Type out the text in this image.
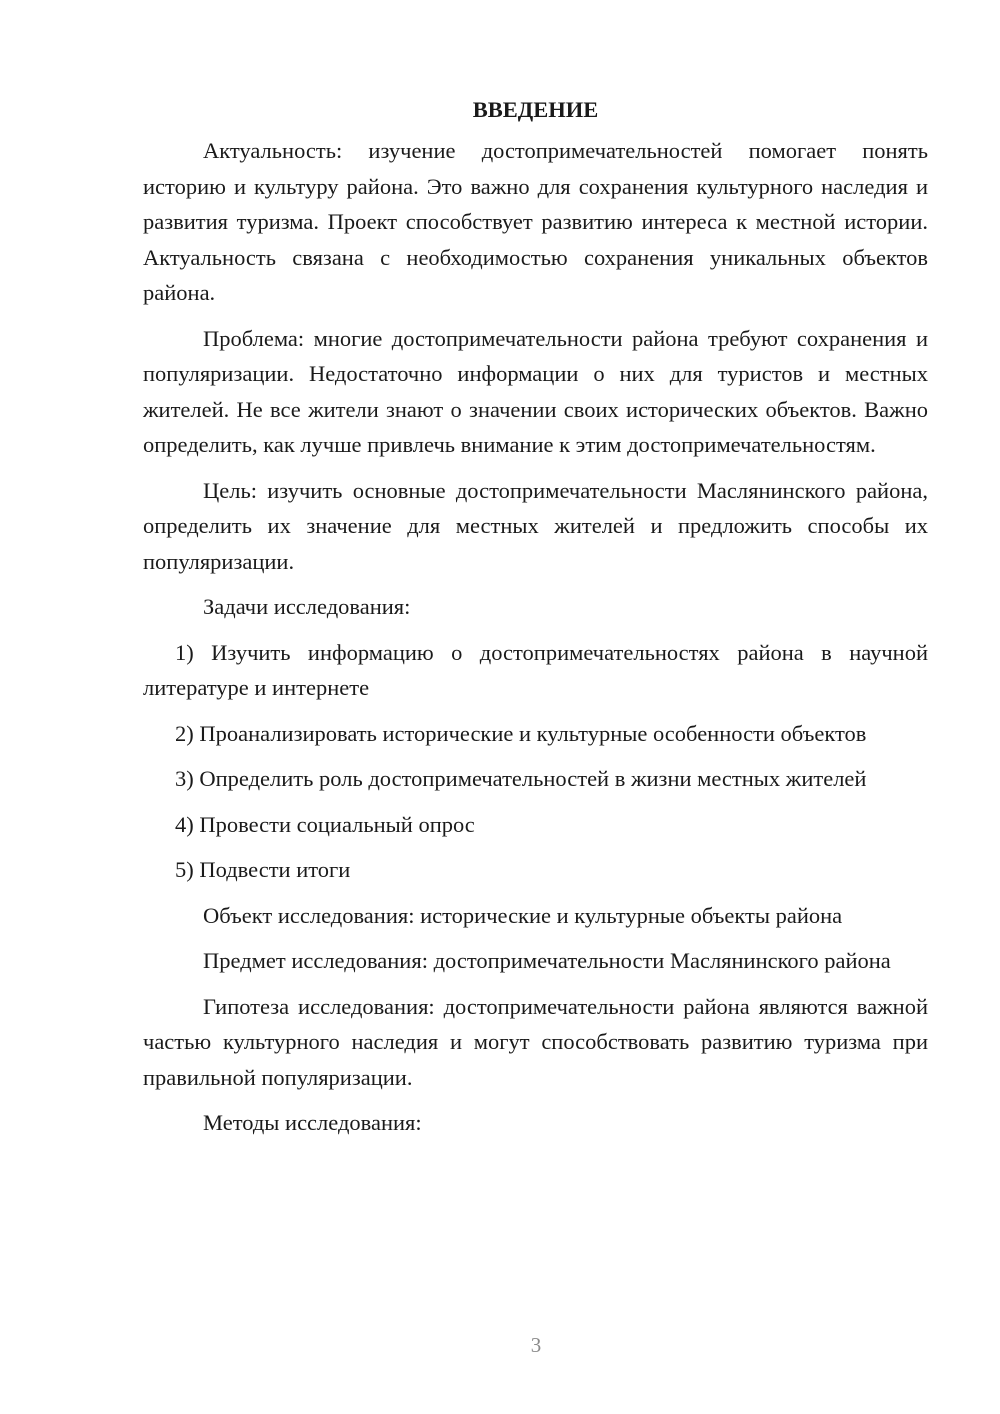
ВВЕДЕНИЕ

Актуальность: изучение достопримечательностей помогает понять историю и культуру района. Это важно для сохранения культурного наследия и развития туризма. Проект способствует развитию интереса к местной истории. Актуальность связана с необходимостью сохранения уникальных объектов района.

Проблема: многие достопримечательности района требуют сохранения и популяризации. Недостаточно информации о них для туристов и местных жителей. Не все жители знают о значении своих исторических объектов. Важно определить, как лучше привлечь внимание к этим достопримечательностям.

Цель: изучить основные достопримечательности Маслянинского района, определить их значение для местных жителей и предложить способы их популяризации.

Задачи исследования:

1) Изучить информацию о достопримечательностях района в научной литературе и интернете

2) Проанализировать исторические и культурные особенности объектов

3) Определить роль достопримечательностей в жизни местных жителей

4) Провести социальный опрос

5) Подвести итоги

Объект исследования: исторические и культурные объекты района

Предмет исследования: достопримечательности Маслянинского района

Гипотеза исследования: достопримечательности района являются важной частью культурного наследия и могут способствовать развитию туризма при правильной популяризации.

Методы исследования:

3
